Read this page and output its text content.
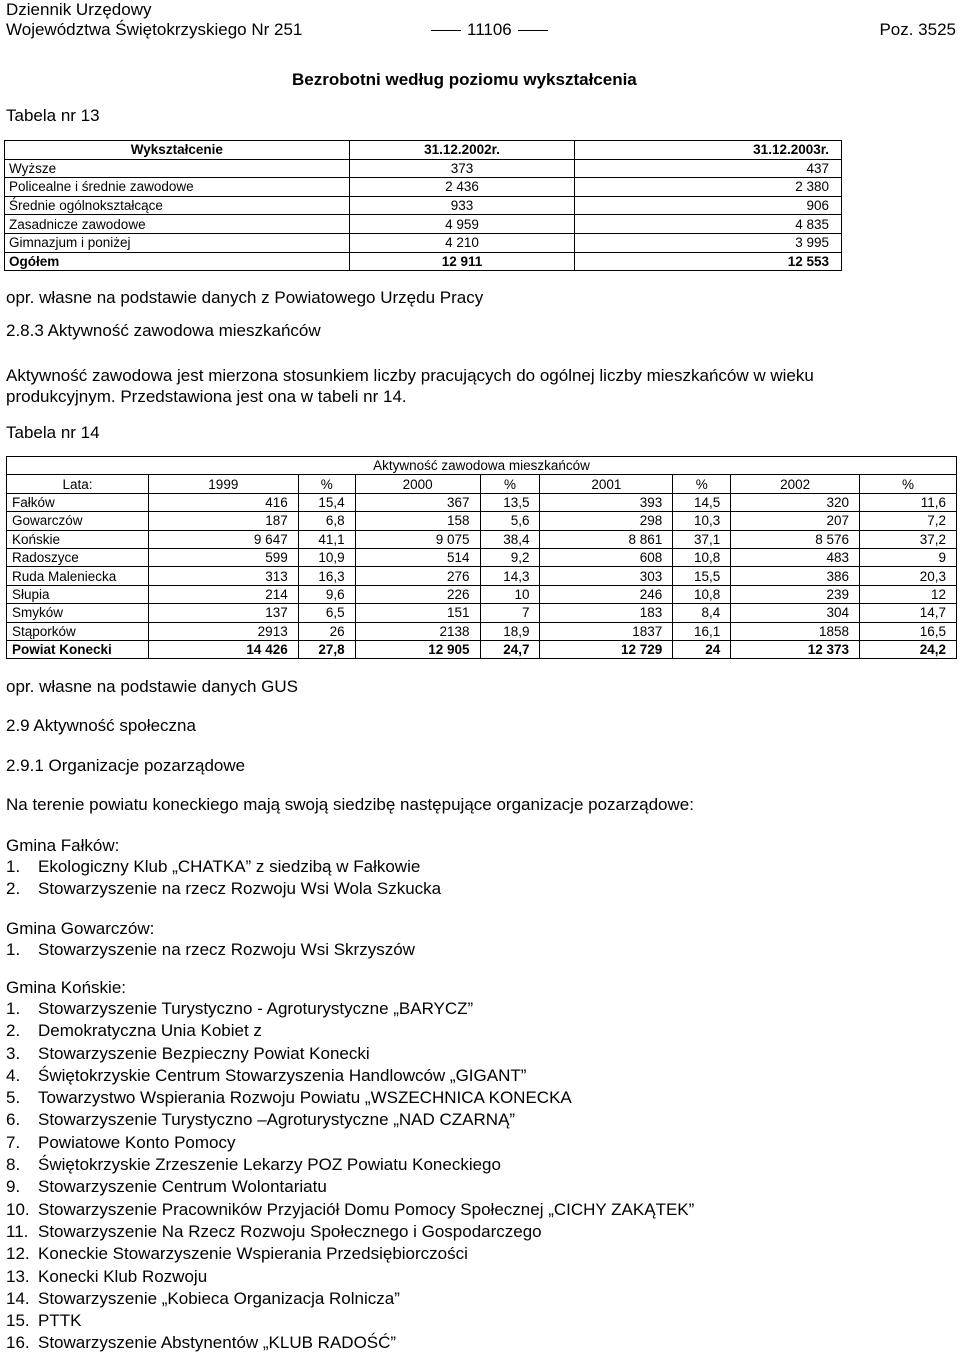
Dziennik Urzędowy
Województwa Świętokrzyskiego Nr 251	11106	Poz. 3525
Tabela nr 13
Bezrobotni według poziomu wykształcenia
Wykształcenie	31.12.2002r.	31.12.2003r.
Wyższe	373	437
Policealne i średnie zawodowe	2 436	2 380
Średnie ogólnokształcące	933	906
Zasadnicze zawodowe	4 959	4 835
Gimnazjum i poniżej	4 210	3 995
Ogółem	12 911	12 553
opr. własne na podstawie danych z Powiatowego Urzędu Pracy
2.8.3 Aktywność zawodowa mieszkańców
Aktywność zawodowa jest mierzona stosunkiem liczby pracujących do ogólnej liczby mieszkańców w wieku
produkcyjnym. Przedstawiona jest ona w tabeli nr 14.
Tabela nr 14
Aktywność zawodowa mieszkańców								
Lata:	1999	%	2000	%	2001	%	2002	%
Fałków	416	15,4	367	13,5	393	14,5	320	11,6
Gowarczów	187	6,8	158	5,6	298	10,3	207	7,2
Końskie	9 647	41,1	9 075	38,4	8 861	37,1	8 576	37,2
Radoszyce	599	10,9	514	9,2	608	10,8	483	9
Ruda Maleniecka	313	16,3	276	14,3	303	15,5	386	20,3
Słupia	214	9,6	226	10	246	10,8	239	12
Smyków	137	6,5	151	7	183	8,4	304	14,7
Stąporków	2913	26	2138	18,9	1837	16,1	1858	16,5
Powiat Konecki	14 426	27,8	12 905	24,7	12 729	24	12 373	24,2
opr. własne na podstawie danych GUS
2.9 Aktywność społeczna
2.9.1 Organizacje pozarządowe
Na terenie powiatu koneckiego mają swoją siedzibę następujące organizacje pozarządowe:
Gmina Fałków:
1. Ekologiczny Klub „CHATKA” z siedzibą w Fałkowie
2. Stowarzyszenie na rzecz Rozwoju Wsi Wola Szkucka
Gmina Gowarczów:
1. Stowarzyszenie na rzecz Rozwoju Wsi Skrzyszów
Gmina Końskie:
1. Stowarzyszenie Turystyczno - Agroturystyczne „BARYCZ”
2. Demokratyczna Unia Kobiet z
3. Stowarzyszenie Bezpieczny Powiat Konecki
4. Świętokrzyskie Centrum Stowarzyszenia Handlowców „GIGANT”
5. Towarzystwo Wspierania Rozwoju Powiatu „WSZECHNICA KONECKA
6. Stowarzyszenie Turystyczno –Agroturystyczne „NAD CZARNĄ”
7. Powiatowe Konto Pomocy
8. Świętokrzyskie Zrzeszenie Lekarzy POZ Powiatu Koneckiego
9. Stowarzyszenie Centrum Wolontariatu
10. Stowarzyszenie Pracowników Przyjaciół Domu Pomocy Społecznej „CICHY ZAKĄTEK”
11. Stowarzyszenie Na Rzecz Rozwoju Społecznego i Gospodarczego
12. Koneckie Stowarzyszenie Wspierania Przedsiębiorczości
13. Konecki Klub Rozwoju
14. Stowarzyszenie „Kobieca Organizacja Rolnicza”
15. PTTK
16. Stowarzyszenie Abstynentów „KLUB RADOŚĆ”
